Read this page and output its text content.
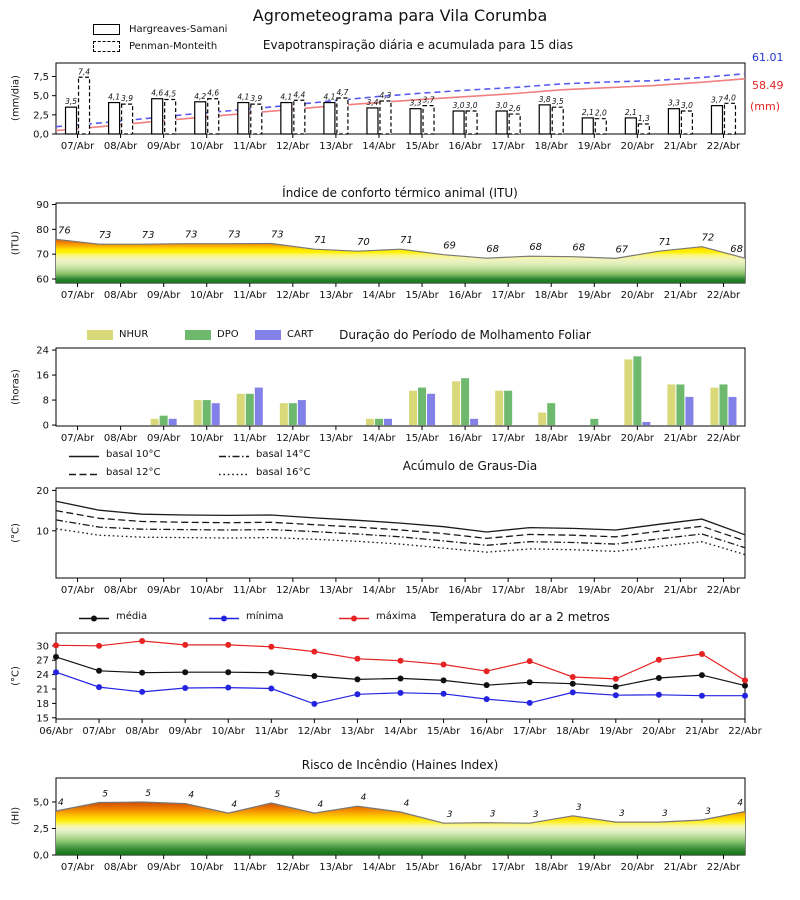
0,0
2,5
5,0
7,5
07/Abr 08/Abr 09/Abr 10/Abr 11/Abr 12/Abr 13/Abr 14/Abr 15/Abr 16/Abr 17/Abr 18/Abr 19/Abr 20/Abr 21/Abr 22/Abr
60
70
80
90
07/Abr 08/Abr 09/Abr 10/Abr 11/Abr 12/Abr 13/Abr 14/Abr 15/Abr 16/Abr 17/Abr 18/Abr 19/Abr 20/Abr 21/Abr 22/Abr
0
8
16
24
07/Abr 08/Abr 09/Abr 10/Abr 11/Abr 12/Abr 13/Abr 14/Abr 15/Abr 16/Abr 17/Abr 18/Abr 19/Abr 20/Abr 21/Abr 22/Abr
10
20
07/Abr 08/Abr 09/Abr 10/Abr 11/Abr 12/Abr 13/Abr 14/Abr 15/Abr 16/Abr 17/Abr 18/Abr 19/Abr 20/Abr 21/Abr 22/Abr
15
18
21
24
27
30
06/Abr 07/Abr 08/Abr 09/Abr 10/Abr 11/Abr 12/Abr 13/Abr 14/Abr 15/Abr 16/Abr 17/Abr 18/Abr 19/Abr 20/Abr 21/Abr 22/Abr
0,0
2,5
5,0
07/Abr 08/Abr 09/Abr 10/Abr 11/Abr 12/Abr 13/Abr 14/Abr 15/Abr 16/Abr 17/Abr 18/Abr 19/Abr 20/Abr 21/Abr 22/Abr
3,5
7,4
4,1 3,9
4,6 4,5 4,2 4,6 4,1 3,9 4,1 4,4 4,1
4,7
3,4
4,3
3,3 3,7
3,0 3,0 3,0 2,6
3,8 3,5
2,1 2,0 2,1
1,3
3,3 3,0
3,7 4,0
76	73	73	73	73	73
71	70	71	69	68	68	68	67
71	72
68
4
5	5	4
4
5
4
4
4
3	3	3
3
3	3	3
4
Agrometeograma para Vila Corumba
Hargreaves-Samani
Penman-Monteith	Evapotranspiração diária e acumulada para 15 dias
61.01
58.49
(mm)
(mm/dia)
(ITU)
(horas)
(°C)
(°C)
(HI)
Índice de conforto térmico animal (ITU)
NHUR	DPO	CART Duração do Período de Molhamento Foliar
basal 10°C
basal 12°C
basal 14°C
basal 16°C	Acúmulo de Graus-Dia
média	mínima	máxima Temperatura do ar a 2 metros
Risco de Incêndio (Haines Index)
